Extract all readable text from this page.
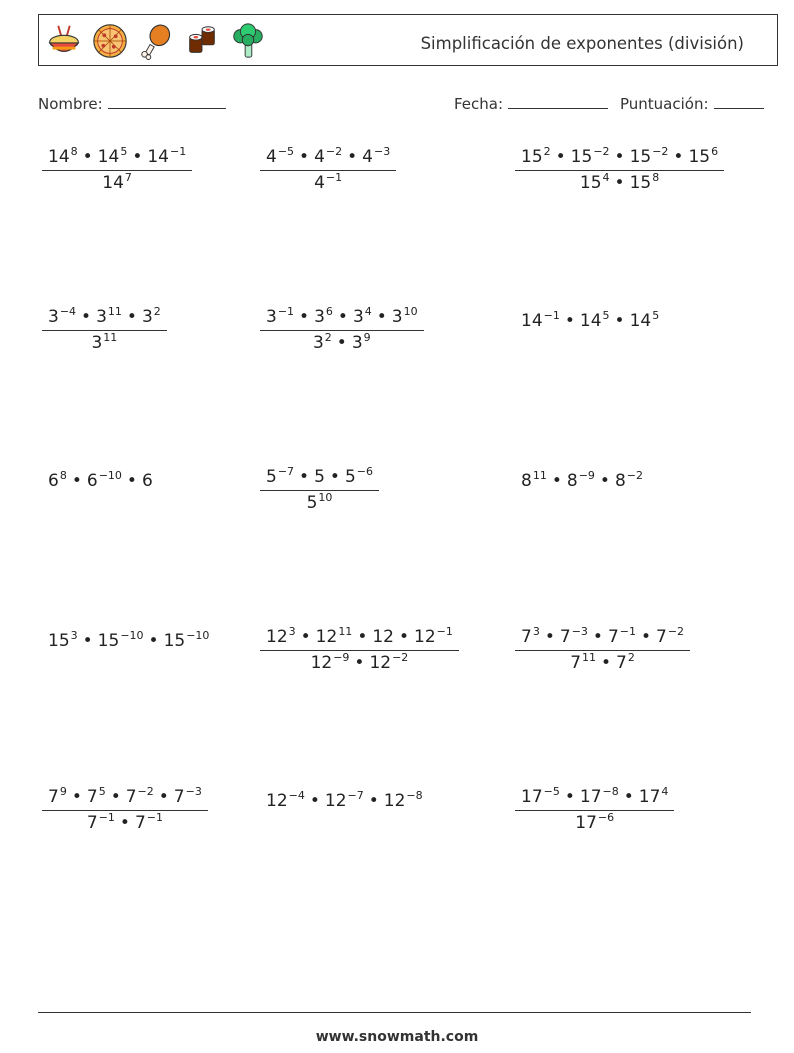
Simplificación de exponentes (división)
Nombre:	Fecha:	Puntuación:
$\frac{14^8 • 14^5 • 14^{-1}}{14^7}$	$\frac{4^{-5} • 4^{-2} • 4^{-3}}{4^{-1}}$	$\frac{15^2 • 15^{-2} • 15^{-2} • 15^6}{15^4 • 15^8}$
$\frac{3^{-4} • 3^{11} • 3^2}{3^{11}}$	$\frac{3^{-1} • 3^6 • 3^4 • 3^{10}}{3^2 • 3^9}$	$14^{-1}$ • $14^5$ • $14^5$
$6^8$ • $6^{-10}$ • 6	$\frac{5^{-7} • 5 • 5^{-6}}{5^{10}}$	$8^{11}$ • $8^{-9}$ • $8^{-2}$
$15^3$ • $15^{-10}$ • $15^{-10}$	$\frac{12^3 • 12^{11} • 12 • 12^{-1}}{12^{-9} • 12^{-2}}$	$\frac{7^3 • 7^{-3} • 7^{-1} • 7^{-2}}{7^{11} • 7^2}$
$\frac{7^9 • 7^5 • 7^{-2} • 7^{-3}}{7^{-1} • 7^{-1}}$	$12^{-4}$ • $12^{-7}$ • $12^{-8}$	$\frac{17^{-5} • 17^{-8} • 17^4}{17^{-6}}$
www.snowmath.com
